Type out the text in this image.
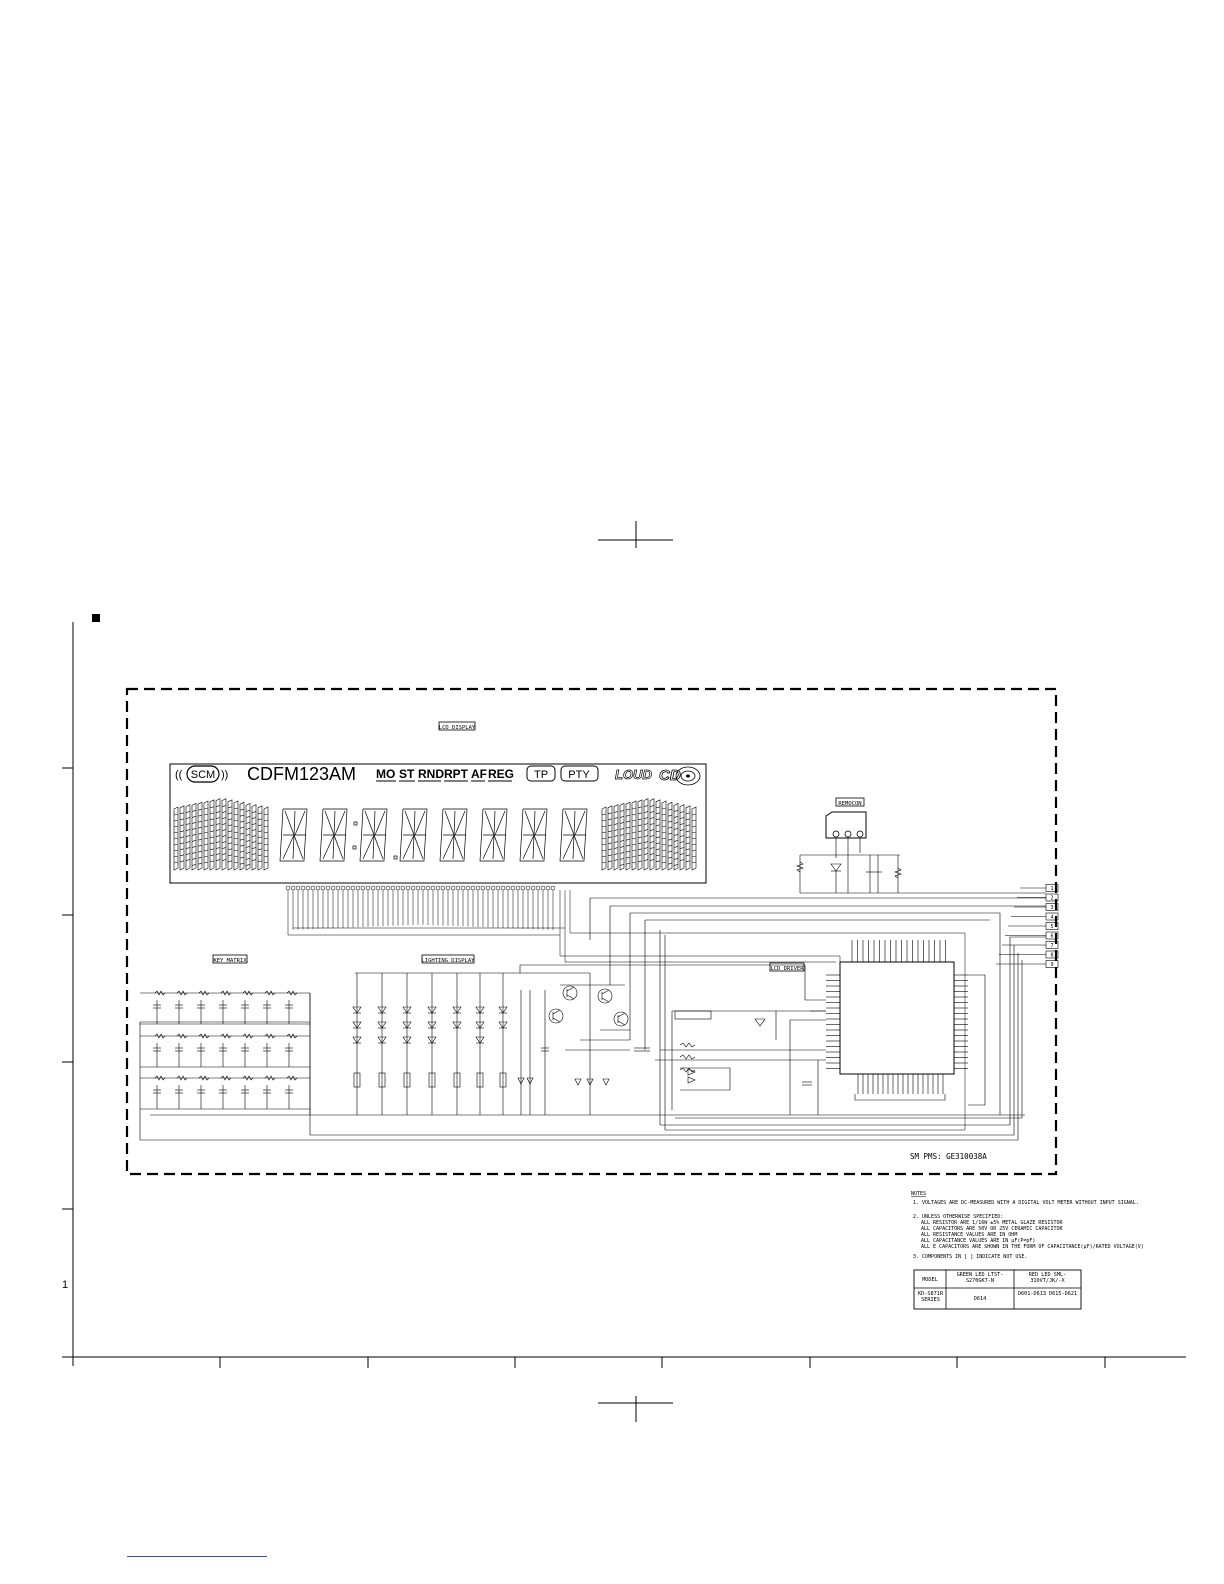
1
LCD DISPLAY
(( SCM )) CDFM123AM MO ST RND RPT AF REG TP PTY LOUD CD
REMOCON
1
2
3
4
5
6
7
8
9
KEY MATRIX	LIGHTING DISPLAY
LCD DRIVER
SM PMS: GE310038A
NOTES
1. VOLTAGES ARE DC-MEASURED WITH A DIGITAL VOLT METER WITHOUT INPUT SIGNAL.
2. UNLESS OTHERWISE SPECIFIED:
ALL RESISTOR ARE 1/16W ±5% METAL GLAZE RESISTOR
ALL CAPACITORS ARE 50V OR 25V CERAMIC CAPACITOR
ALL RESISTANCE VALUES ARE IN OHM
ALL CAPACITANCE VALUES ARE IN μF(P=pF)
ALL E CAPACITORS ARE SHOWN IN THE FORM OF CAPACITANCE(μF)/RATED VOLTAGE(V)
3. COMPONENTS IN [ ] INDICATE NOT USE.
MODEL
GREEN LED LTST-S270GKT-N
RED LED SML-310VT/JK/-X
KD-S871R SERIES	D614
D601-D613 D615-D621
